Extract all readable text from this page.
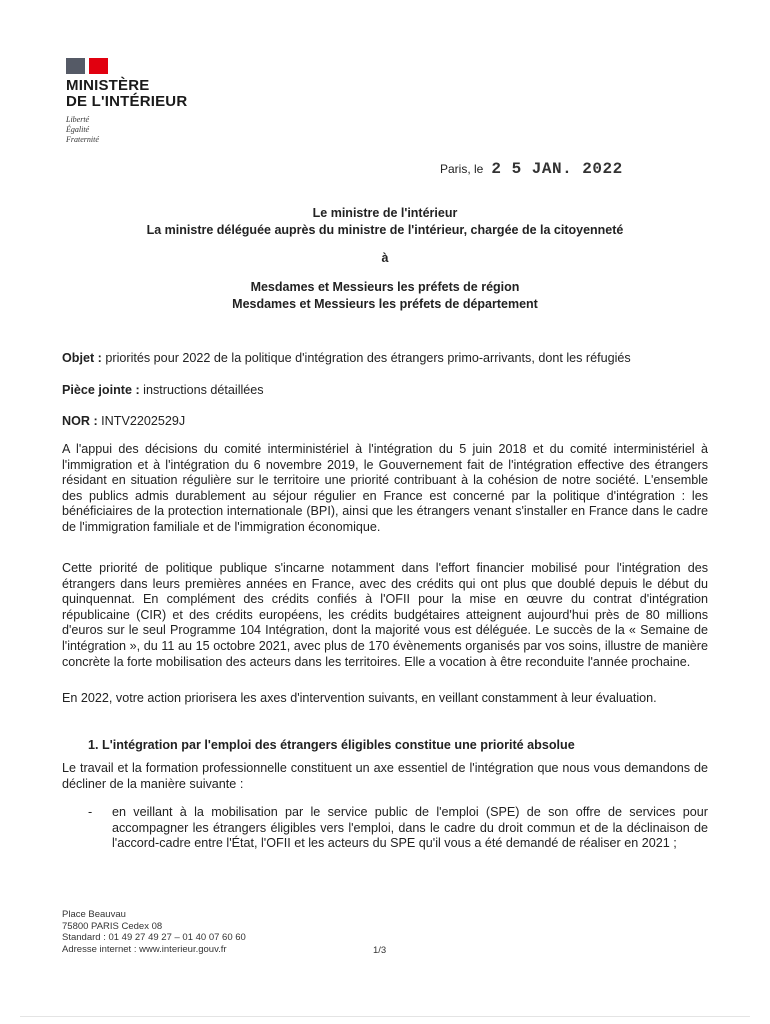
MINISTÈRE
DE L'INTÉRIEUR
Liberté
Égalité
Fraternité
Paris, le 2 5 JAN. 2022
Le ministre de l'intérieur
La ministre déléguée auprès du ministre de l'intérieur, chargée de la citoyenneté
à
Mesdames et Messieurs les préfets de région
Mesdames et Messieurs les préfets de département
Objet : priorités pour 2022 de la politique d'intégration des étrangers primo-arrivants, dont les réfugiés
Pièce jointe : instructions détaillées
NOR : INTV2202529J
A l'appui des décisions du comité interministériel à l'intégration du 5 juin 2018 et du comité interministériel à l'immigration et à l'intégration du 6 novembre 2019, le Gouvernement fait de l'intégration effective des étrangers résidant en situation régulière sur le territoire une priorité contribuant à la cohésion de notre société. L'ensemble des publics admis durablement au séjour régulier en France est concerné par la politique d'intégration : les bénéficiaires de la protection internationale (BPI), ainsi que les étrangers venant s'installer en France dans le cadre de l'immigration familiale et de l'immigration économique.
Cette priorité de politique publique s'incarne notamment dans l'effort financier mobilisé pour l'intégration des étrangers dans leurs premières années en France, avec des crédits qui ont plus que doublé depuis le début du quinquennat. En complément des crédits confiés à l'OFII pour la mise en œuvre du contrat d'intégration républicaine (CIR) et des crédits européens, les crédits budgétaires atteignent aujourd'hui près de 80 millions d'euros sur le seul Programme 104 Intégration, dont la majorité vous est déléguée. Le succès de la « Semaine de l'intégration », du 11 au 15 octobre 2021, avec plus de 170 évènements organisés par vos soins, illustre de manière concrète la forte mobilisation des acteurs dans les territoires. Elle a vocation à être reconduite l'année prochaine.
En 2022, votre action priorisera les axes d'intervention suivants, en veillant constamment à leur évaluation.
1. L'intégration par l'emploi des étrangers éligibles constitue une priorité absolue
Le travail et la formation professionnelle constituent un axe essentiel de l'intégration que nous vous demandons de décliner de la manière suivante :
-	en veillant à la mobilisation par le service public de l'emploi (SPE) de son offre de services pour accompagner les étrangers éligibles vers l'emploi, dans le cadre du droit commun et de la déclinaison de l'accord-cadre entre l'État, l'OFII et les acteurs du SPE qu'il vous a été demandé de réaliser en 2021 ;
Place Beauvau
75800 PARIS Cedex 08
Standard : 01 49 27 49 27 – 01 40 07 60 60
Adresse internet : www.interieur.gouv.fr	1/3
